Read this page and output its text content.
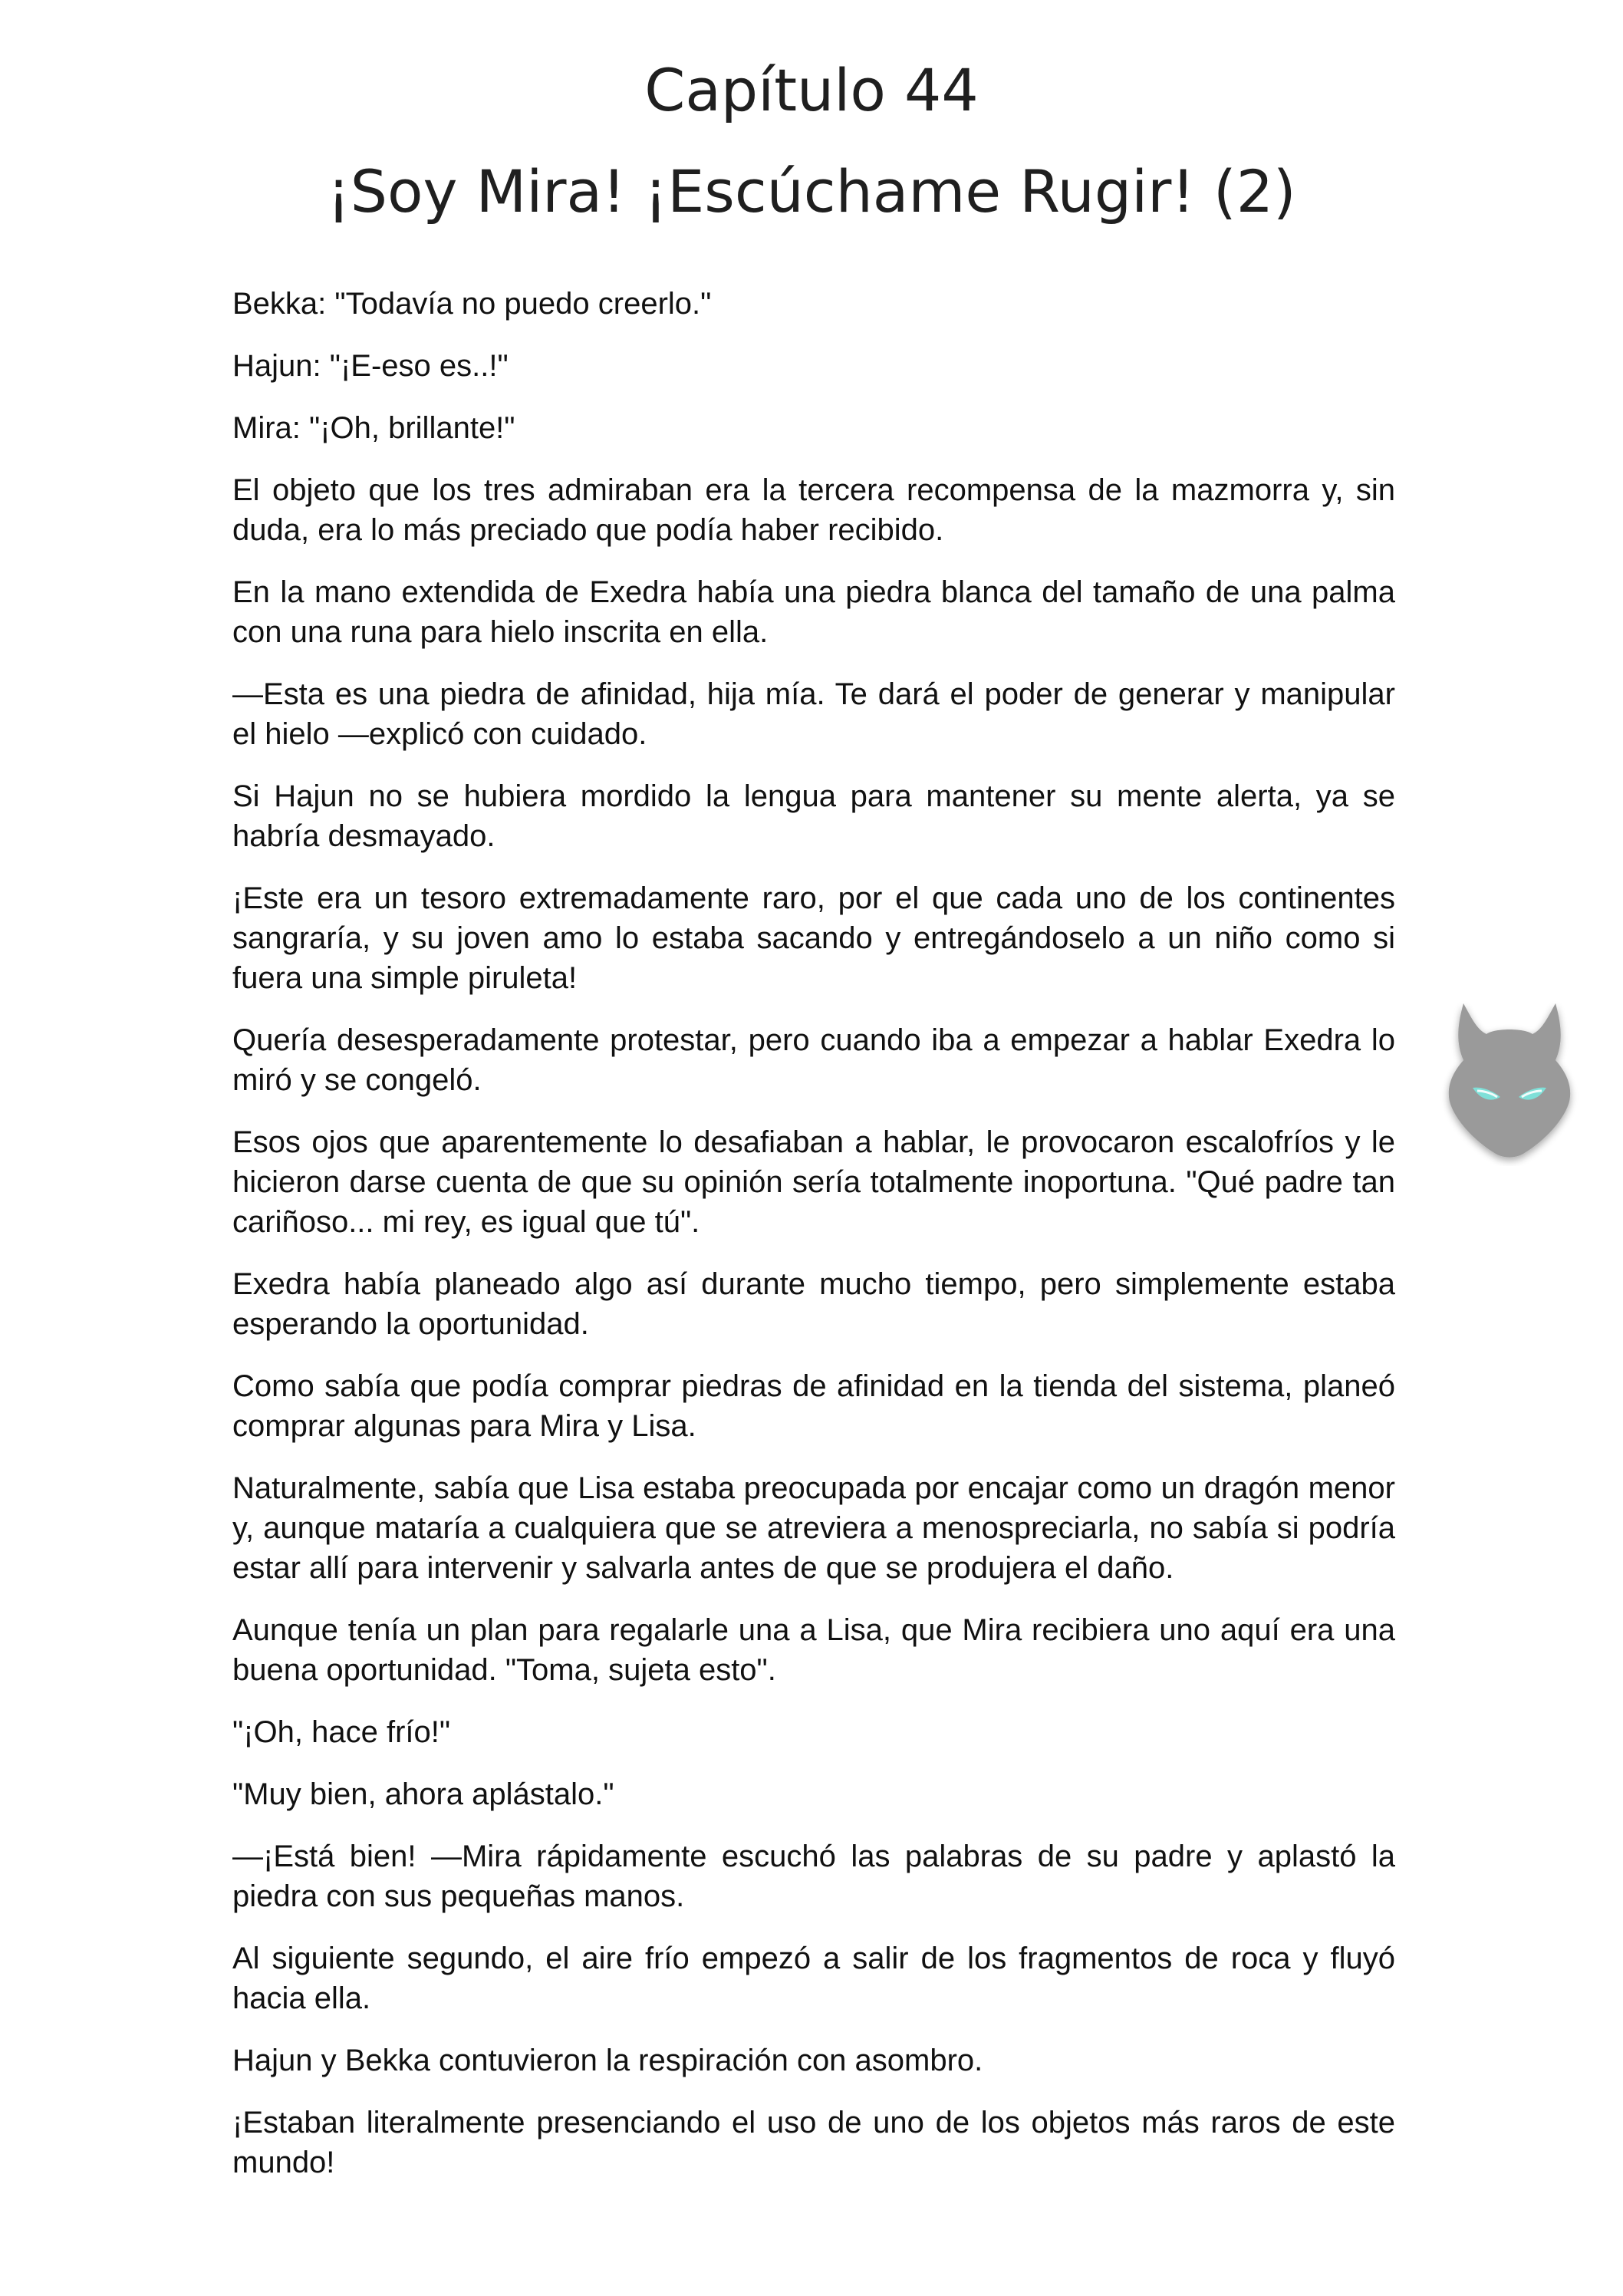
Capítulo 44
¡Soy Mira! ¡Escúchame Rugir! (2)

Bekka: "Todavía no puedo creerlo."

Hajun: "¡E-eso es..!"

Mira: "¡Oh, brillante!"

El objeto que los tres admiraban era la tercera recompensa de la mazmorra y, sin duda, era lo más preciado que podía haber recibido.

En la mano extendida de Exedra había una piedra blanca del tamaño de una palma con una runa para hielo inscrita en ella.

—Esta es una piedra de afinidad, hija mía. Te dará el poder de generar y manipular el hielo —explicó con cuidado.

Si Hajun no se hubiera mordido la lengua para mantener su mente alerta, ya se habría desmayado.

¡Este era un tesoro extremadamente raro, por el que cada uno de los continentes sangraría, y su joven amo lo estaba sacando y entregándoselo a un niño como si fuera una simple piruleta!

Quería desesperadamente protestar, pero cuando iba a empezar a hablar Exedra lo miró y se congeló.

Esos ojos que aparentemente lo desafiaban a hablar, le provocaron escalofríos y le hicieron darse cuenta de que su opinión sería totalmente inoportuna. "Qué padre tan cariñoso... mi rey, es igual que tú".

Exedra había planeado algo así durante mucho tiempo, pero simplemente estaba esperando la oportunidad.

Como sabía que podía comprar piedras de afinidad en la tienda del sistema, planeó comprar algunas para Mira y Lisa.

Naturalmente, sabía que Lisa estaba preocupada por encajar como un dragón menor y, aunque mataría a cualquiera que se atreviera a menospreciarla, no sabía si podría estar allí para intervenir y salvarla antes de que se produjera el daño.

Aunque tenía un plan para regalarle una a Lisa, que Mira recibiera uno aquí era una buena oportunidad. "Toma, sujeta esto".

"¡Oh, hace frío!"

"Muy bien, ahora aplástalo."

—¡Está bien! —Mira rápidamente escuchó las palabras de su padre y aplastó la piedra con sus pequeñas manos.

Al siguiente segundo, el aire frío empezó a salir de los fragmentos de roca y fluyó hacia ella.

Hajun y Bekka contuvieron la respiración con asombro.

¡Estaban literalmente presenciando el uso de uno de los objetos más raros de este mundo!
